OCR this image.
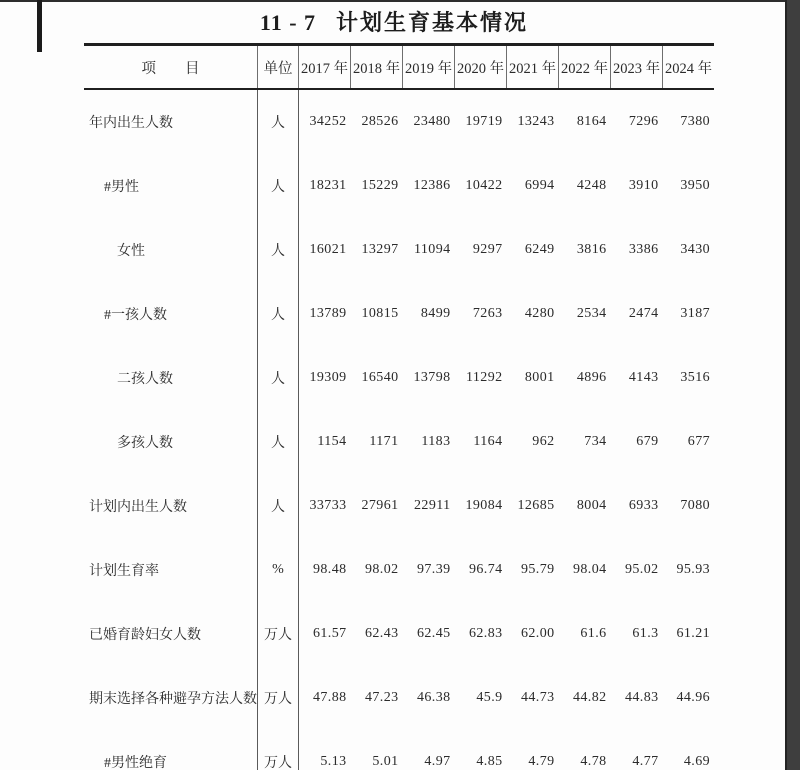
11 - 7 计划生育基本情况
项　　目	单位	2017 年	2018 年	2019 年	2020 年	2021 年	2022 年	2023 年	2024 年
年内出生人数	人	34252	28526	23480	19719	13243	8164	7296	7380
#男性	人	18231	15229	12386	10422	6994	4248	3910	3950
女性	人	16021	13297	11094	9297	6249	3816	3386	3430
#一孩人数	人	13789	10815	8499	7263	4280	2534	2474	3187
二孩人数	人	19309	16540	13798	11292	8001	4896	4143	3516
多孩人数	人	1154	1171	1183	1164	962	734	679	677
计划内出生人数	人	33733	27961	22911	19084	12685	8004	6933	7080
计划生育率	%	98.48	98.02	97.39	96.74	95.79	98.04	95.02	95.93
已婚育龄妇女人数	万人	61.57	62.43	62.45	62.83	62.00	61.6	61.3	61.21
期末选择各种避孕方法人数	万人	47.88	47.23	46.38	45.9	44.73	44.82	44.83	44.96
#男性绝育	万人	5.13	5.01	4.97	4.85	4.79	4.78	4.77	4.69
